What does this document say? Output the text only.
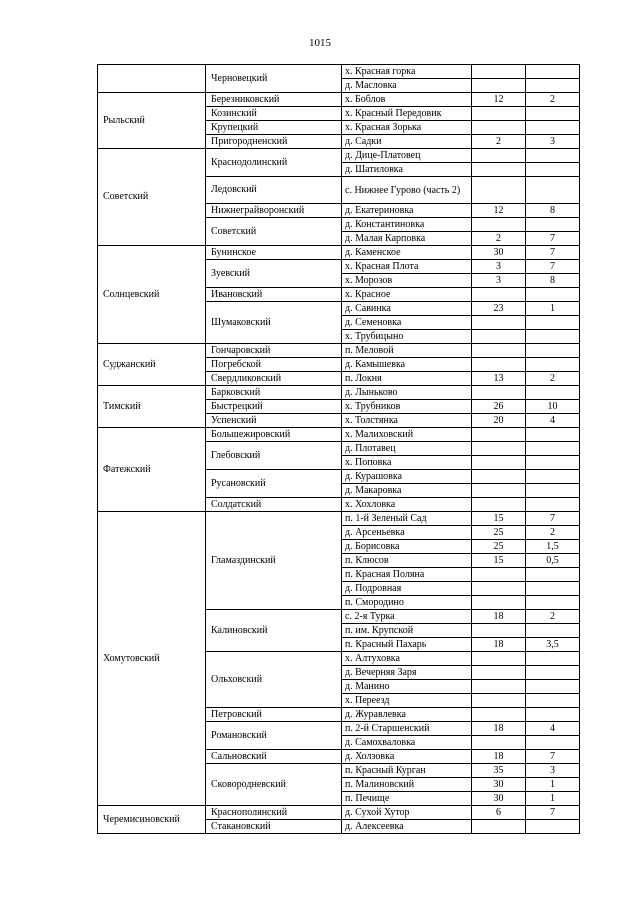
1015
	Черновецкий	х. Красная горка		
		д. Масловка		
Рыльский	Березниковский	х. Боблов	12	2
	Козинский	х. Красный Передовик		
	Крупецкий	х. Красная Зорька		
	Пригородненский	д. Садки	2	3
Советский	Краснодолинский	д. Дице-Платовец		
		д. Шатиловка		
	Ледовский	с. Нижнее Гурово (часть 2)		
	Нижнеграйворонский	д. Екатериновка	12	8
	Советский	д. Константиновка		
		д. Малая Карповка	2	7
Солнцевский	Бунинское	д. Каменское	30	7
	Зуевский	х. Красная Плота	3	7
		х. Морозов	3	8
	Ивановский	х. Красное		
	Шумаковский	д. Савинка	23	1
		д. Семеновка		
		х. Трубицыно		
Суджанский	Гончаровский	п. Меловой		
	Погребской	д. Камышевка		
	Свердликовский	п. Локня	13	2
Тимский	Барковский	д. Лыньково		
	Быстрецкий	х. Трубников	26	10
	Успенский	х. Толстянка	20	4
Фатежский	Большежировский	х. Малиховский		
	Глебовский	д. Плотавец		
		х. Поповка		
	Русановский	д. Курашовка		
		д. Макаровка		
	Солдатский	х. Хохловка		
Хомутовский	Гламаздинский	п. 1-й Зеленый Сад	15	7
		д. Арсеньевка	25	2
		д. Борисовка	25	1,5
		п. Клюсов	15	0,5
		п. Красная Поляна		
		д. Подровная		
		п. Смородино		
	Калиновский	с. 2-я Турка	18	2
		п. им. Крупской		
		п. Красный Пахарь	18	3,5
	Ольховский	х. Алтуховка		
		д. Вечерняя Заря		
		д. Манино		
		х. Переезд		
	Петровский	д. Журавлевка		
	Романовский	п. 2-й Старшенский	18	4
		д. Самохваловка		
	Сальновский	д. Холзовка	18	7
	Сковородневский	п. Красный Курган	35	3
		п. Малиновский	30	1
		п. Печище	30	1
Черемисиновский	Краснополянский	д. Сухой Хутор	6	7
	Стакановский	д. Алексеевка		
